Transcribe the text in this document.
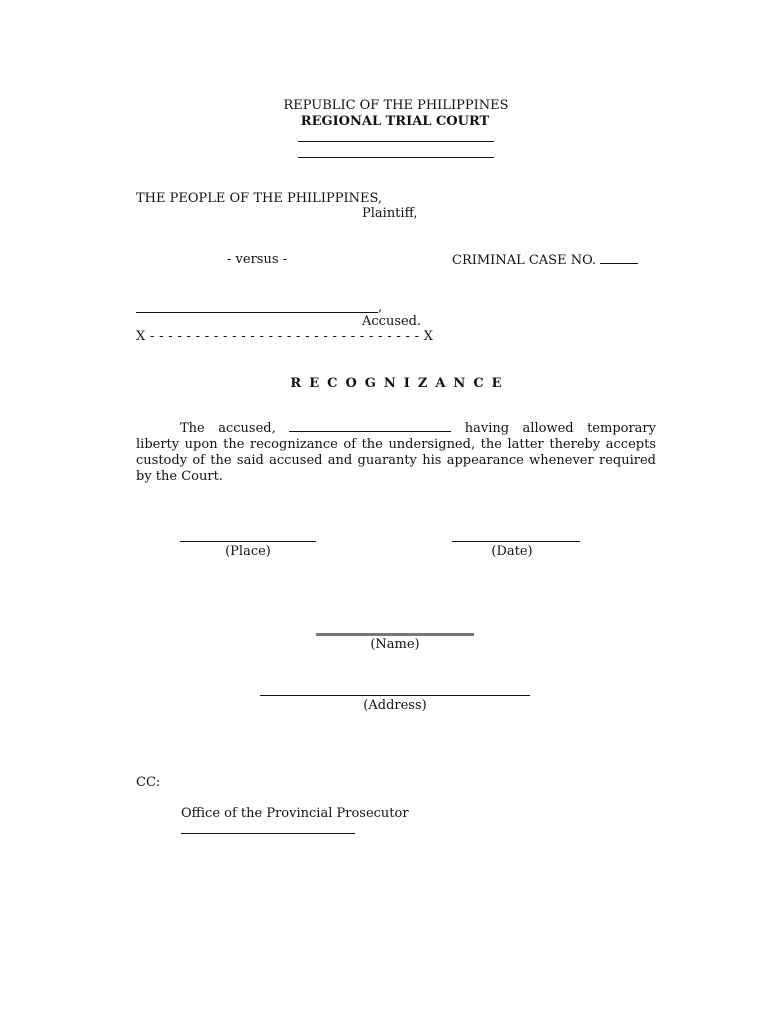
REPUBLIC OF THE PHILIPPINES
REGIONAL TRIAL COURT
THE PEOPLE OF THE PHILIPPINES,
Plaintiff,
- versus -	CRIMINAL CASE NO.
,
Accused.
X - - - - - - - - - - - - - - - - - - - - - - - - - - - - - - X
RECOGNIZANCE
The accused,	having allowed temporary liberty upon the recognizance of the undersigned, the latter thereby accepts custody of the said accused and guaranty his appearance whenever required by the Court.
(Place)	(Date)
(Name)
(Address)
CC:
Office of the Provincial Prosecutor
